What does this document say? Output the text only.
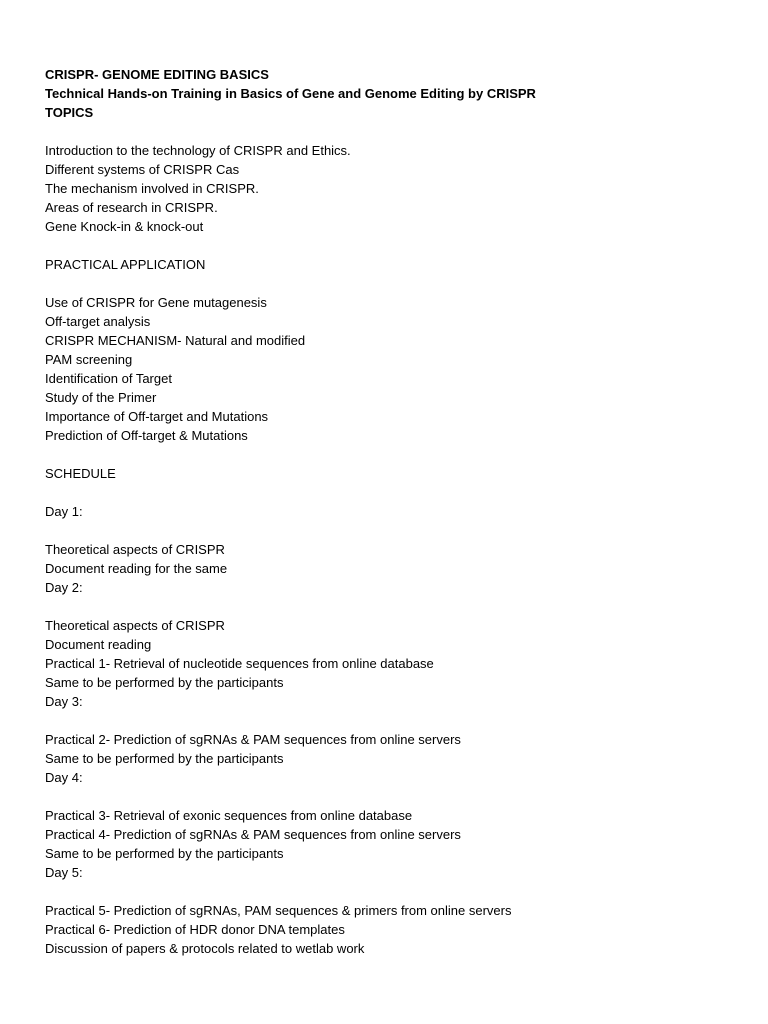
CRISPR- GENOME EDITING BASICS
Technical Hands-on Training in Basics of Gene and Genome Editing by CRISPR
TOPICS
Introduction to the technology of CRISPR and Ethics.
Different systems of CRISPR Cas
The mechanism involved in CRISPR.
Areas of research in CRISPR.
Gene Knock-in & knock-out
PRACTICAL APPLICATION
Use of CRISPR for Gene mutagenesis
Off-target analysis
CRISPR MECHANISM- Natural and modified
PAM screening
Identification of Target
Study of the Primer
Importance of Off-target and Mutations
Prediction of Off-target & Mutations
SCHEDULE
Day 1:
Theoretical aspects of CRISPR
Document reading for the same
Day 2:
Theoretical aspects of CRISPR
Document reading
Practical 1- Retrieval of nucleotide sequences from online database
Same to be performed by the participants
Day 3:
Practical 2- Prediction of sgRNAs & PAM sequences from online servers
Same to be performed by the participants
Day 4:
Practical 3- Retrieval of exonic sequences from online database
Practical 4- Prediction of sgRNAs & PAM sequences from online servers
Same to be performed by the participants
Day 5:
Practical 5- Prediction of sgRNAs, PAM sequences & primers from online servers
Practical 6- Prediction of HDR donor DNA templates
Discussion of papers & protocols related to wetlab work
